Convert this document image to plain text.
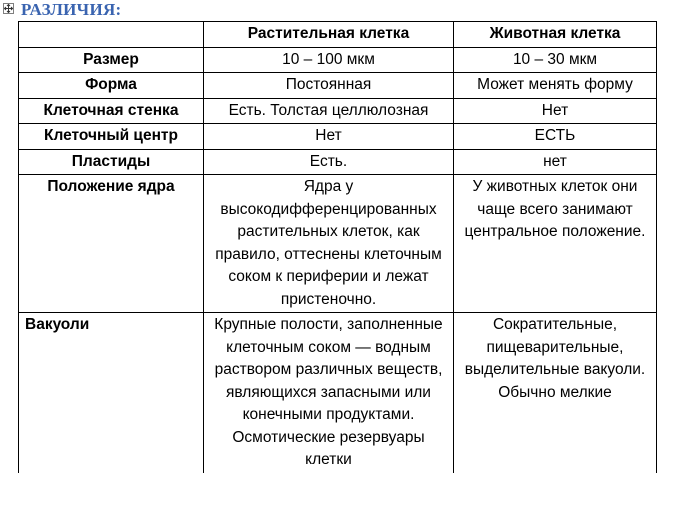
РАЗЛИЧИЯ:
	Растительная клетка	Животная клетка
Размер	10 – 100 мкм	10 – 30 мкм
Форма	Постоянная	Может менять форму
Клеточная стенка	Есть. Толстая целлюлозная	Нет
Клеточный центр	Нет	ЕСТЬ
Пластиды	Есть.	нет
Положение ядра	Ядра у высокодифференцированных растительных клеток, как правило, оттеснены клеточным соком к периферии и лежат пристеночно.	У животных клеток они чаще всего занимают центральное положение.
Вакуоли	Крупные полости, заполненные клеточным соком — водным раствором различных веществ, являющихся запасными или конечными продуктами. Осмотические резервуары клетки	Сократительные, пищеварительные, выделительные вакуоли. Обычно мелкие
